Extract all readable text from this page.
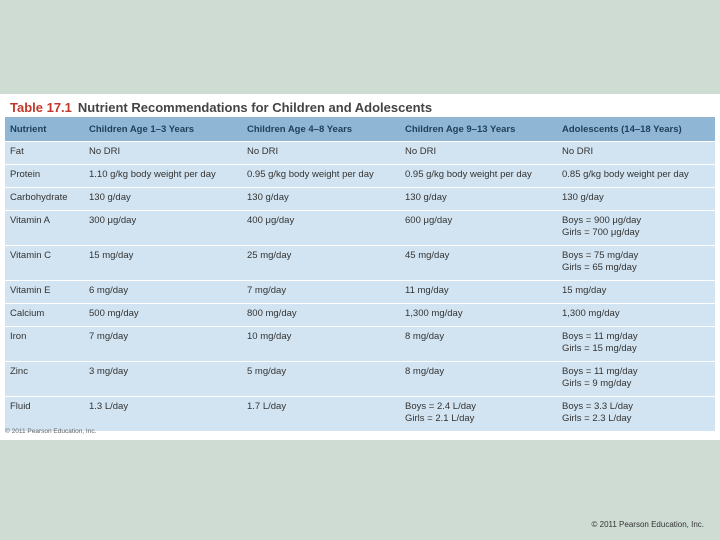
Table 17.1 Nutrient Recommendations for Children and Adolescents
Nutrient	Children Age 1–3 Years	Children Age 4–8 Years	Children Age 9–13 Years	Adolescents (14–18 Years)
Fat	No DRI	No DRI	No DRI	No DRI

Protein	1.10 g/kg body weight per day	0.95 g/kg body weight per day	0.95 g/kg body weight per day	0.85 g/kg body weight per day

Carbohydrate	130 g/day	130 g/day	130 g/day	130 g/day

Vitamin A	300 μg/day	400 μg/day	600 μg/day	Boys = 900 μg/day
Girls = 700 μg/day

Vitamin C	15 mg/day	25 mg/day	45 mg/day	Boys = 75 mg/day
Girls = 65 mg/day

Vitamin E	6 mg/day	7 mg/day	11 mg/day	15 mg/day

Calcium	500 mg/day	800 mg/day	1,300 mg/day	1,300 mg/day

Iron	7 mg/day	10 mg/day	8 mg/day	Boys = 11 mg/day
Girls = 15 mg/day

Zinc	3 mg/day	5 mg/day	8 mg/day	Boys = 11 mg/day
Girls = 9 mg/day

Fluid	1.3 L/day	1.7 L/day	Boys = 2.4 L/day
Girls = 2.1 L/day	Boys = 3.3 L/day
Girls = 2.3 L/day
© 2011 Pearson Education, Inc.
© 2011 Pearson Education, Inc.
